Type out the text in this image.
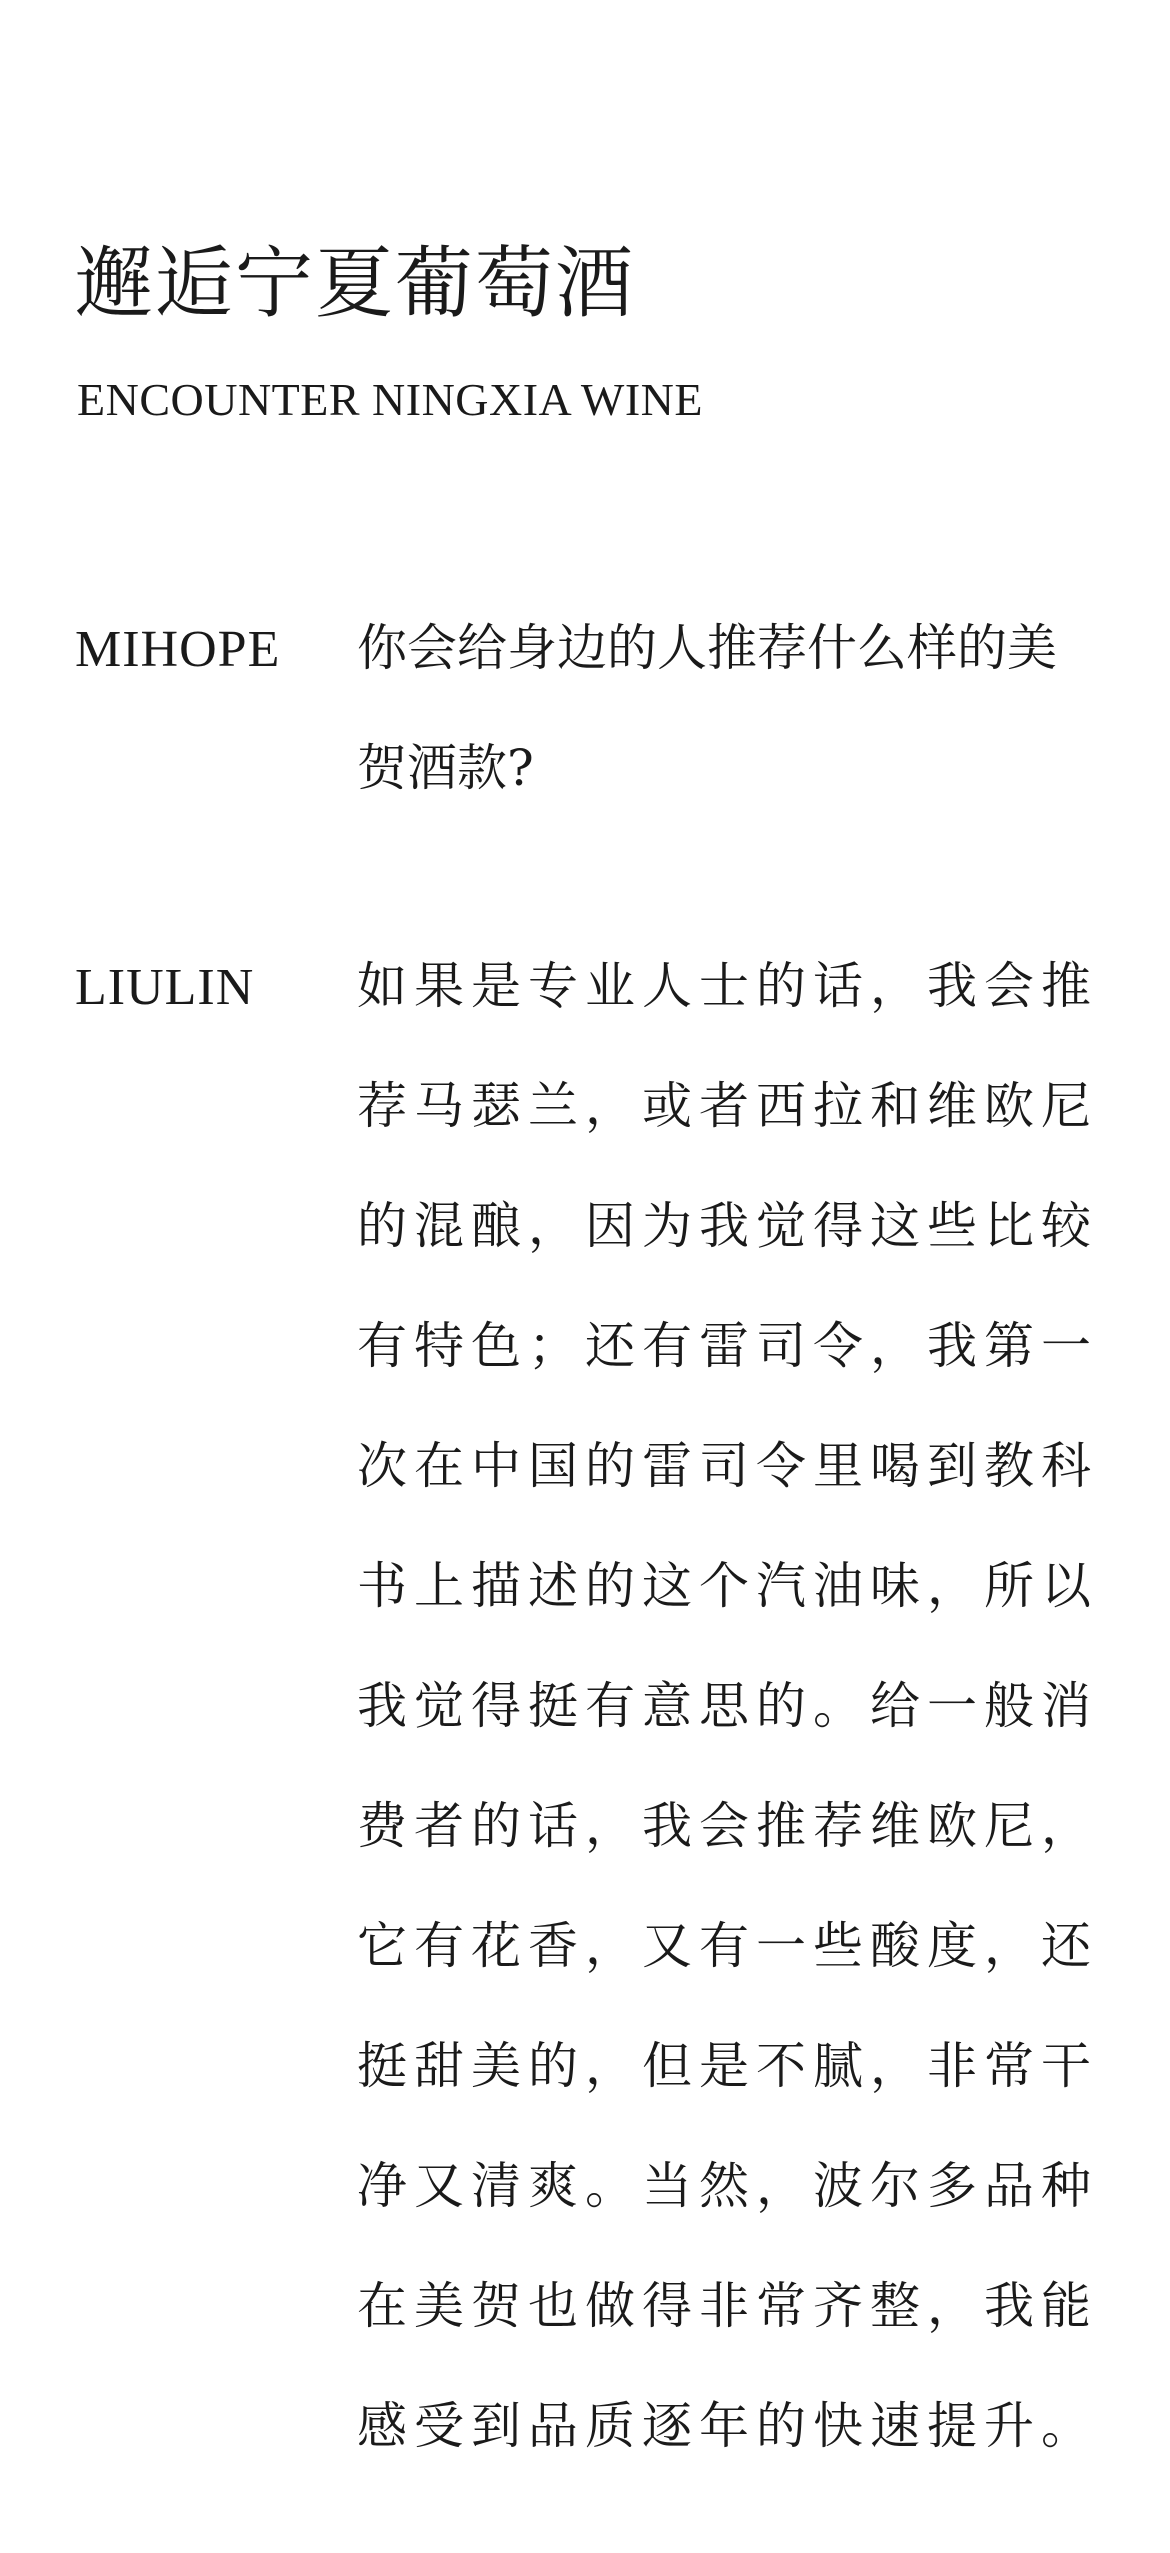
邂逅宁夏葡萄酒
ENCOUNTER NINGXIA WINE
MIHOPE 你会给身边的人推荐什么样的美
贺酒款?

LIULIN 如果是专业人士的话，我会推
荐马瑟兰，或者西拉和维欧尼
的混酿，因为我觉得这些比较
有特色；还有雷司令，我第一
次在中国的雷司令里喝到教科
书上描述的这个汽油味，所以
我觉得挺有意思的。给一般消
费者的话，我会推荐维欧尼，
它有花香，又有一些酸度，还
挺甜美的，但是不腻，非常干
净又清爽。当然，波尔多品种
在美贺也做得非常齐整，我能
感受到品质逐年的快速提升。
